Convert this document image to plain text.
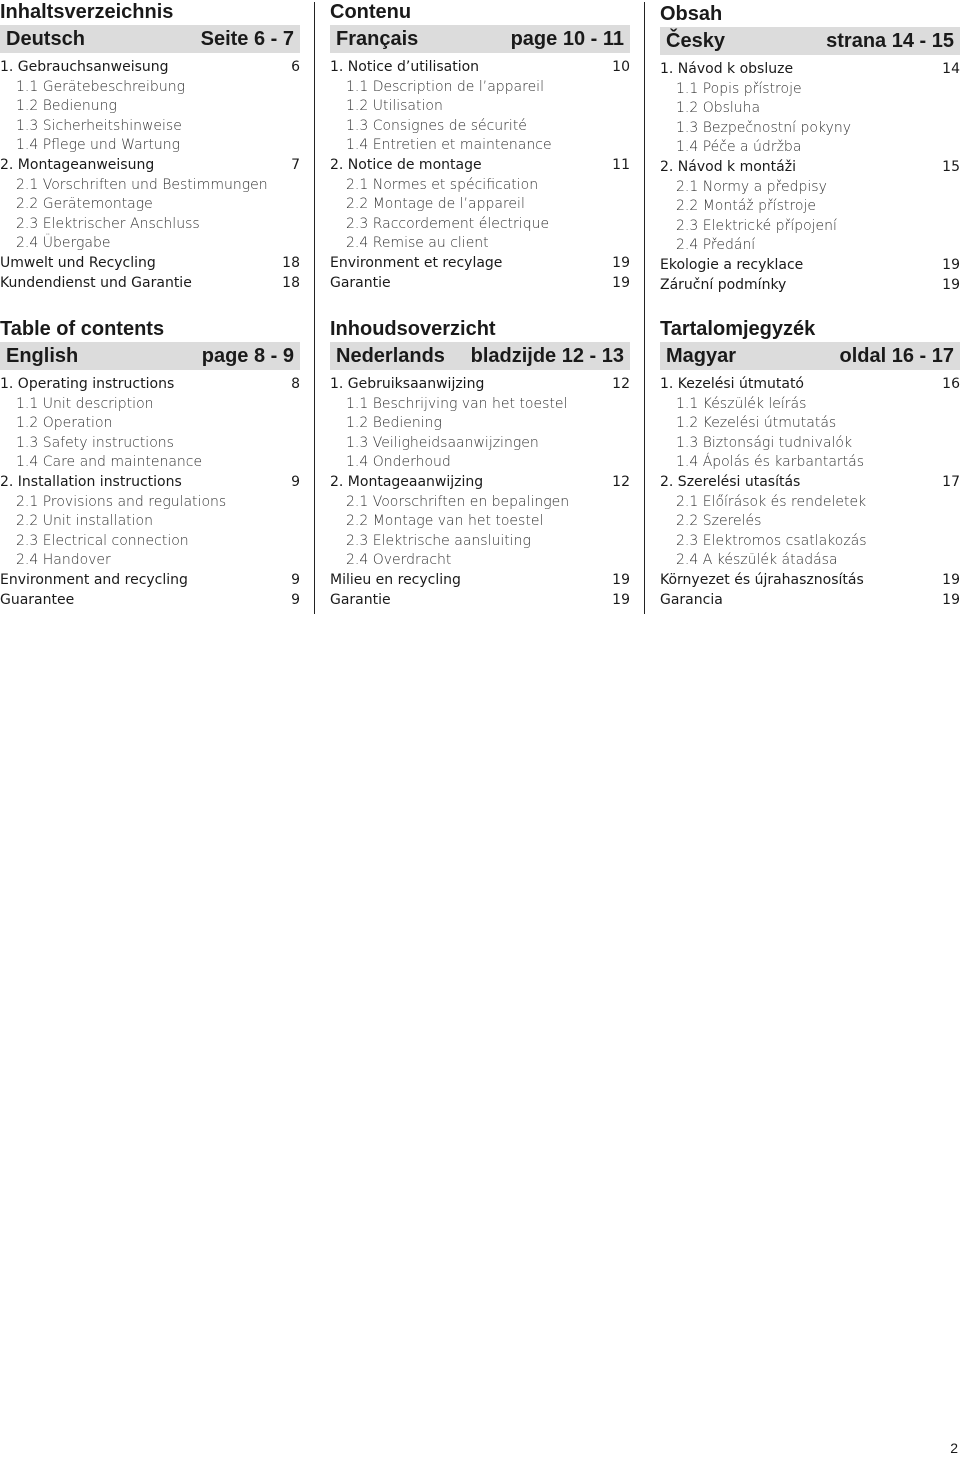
Inhaltsverzeichnis
Deutsch	Seite 6 - 7
1. Gebrauchsanweisung	6
1.1 Gerätebeschreibung
1.2 Bedienung
1.3 Sicherheitshinweise
1.4 Pflege und Wartung
2. Montageanweisung	7
2.1 Vorschriften und Bestimmungen
2.2 Gerätemontage
2.3 Elektrischer Anschluss
2.4 Übergabe
Umwelt und Recycling	18
Kundendienst und Garantie	18
Table of contents
English	page 8 - 9
1. Operating instructions	8
1.1 Unit description
1.2 Operation
1.3 Safety instructions
1.4 Care and maintenance
2. Installation instructions	9
2.1 Provisions and regulations
2.2 Unit installation
2.3 Electrical connection
2.4 Handover
Environment and recycling	9
Guarantee	9
Contenu
Français	page 10 - 11
1. Notice d’utilisation	10
1.1 Description de l’appareil
1.2 Utilisation
1.3 Consignes de sécurité
1.4 Entretien et maintenance
2. Notice de montage	11
2.1 Normes et spécification
2.2 Montage de l’appareil
2.3 Raccordement électrique
2.4 Remise au client
Environment et recylage	19
Garantie	19
Inhoudsoverzicht
Nederlands bladzijde 12 - 13
1. Gebruiksaanwijzing	12
1.1 Beschrijving van het toestel
1.2 Bediening
1.3 Veiligheidsaanwijzingen
1.4 Onderhoud
2. Montageaanwijzing	12
2.1 Voorschriften en bepalingen
2.2 Montage van het toestel
2.3 Elektrische aansluiting
2.4 Overdracht
Milieu en recycling	19
Garantie	19
Obsah
Česky	strana 14 - 15
1. Návod k obsluze	14
1.1 Popis přístroje
1.2 Obsluha
1.3 Bezpečnostní pokyny
1.4 Péče a údržba
2. Návod k montáži	15
2.1 Normy a předpisy
2.2 Montáž přístroje
2.3 Elektrické přípojení
2.4 Předání
Ekologie a recyklace	19
Záruční podmínky	19
Tartalomjegyzék
Magyar	oldal 16 - 17
1. Kezelési útmutató	16
1.1 Készülék leírás
1.2 Kezelési útmutatás
1.3 Biztonsági tudnivalók
1.4 Ápolás és karbantartás
2. Szerelési utasítás	17
2.1 Előírások és rendeletek
2.2 Szerelés
2.3 Elektromos csatlakozás
2.4 A készülék átadása
Környezet és újrahasznosítás	19
Garancia	19
2
